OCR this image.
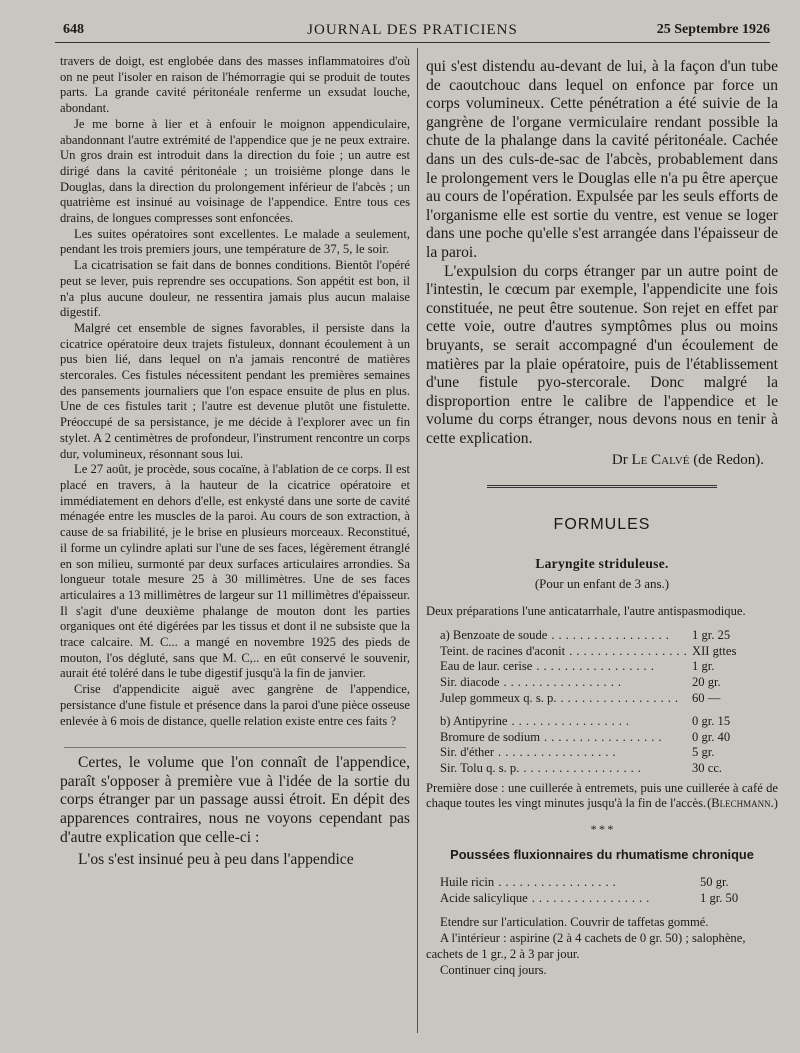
648	JOURNAL DES PRATICIENS	25 Septembre 1926

travers de doigt, est englobée dans des masses inflammatoires d'où on ne peut l'isoler en raison de l'hémorragie qui se produit de toutes parts. La grande cavité péritonéale renferme un exsudat louche, abondant.

Je me borne à lier et à enfouir le moignon appendiculaire, abandonnant l'autre extrémité de l'appendice que je ne peux extraire. Un gros drain est introduit dans la direction du foie ; un autre est dirigé dans la cavité péritonéale ; un troisième plonge dans le Douglas, dans la direction du prolongement inférieur de l'abcès ; un quatrième est insinué au voisinage de l'appendice. Entre tous ces drains, de longues compresses sont enfoncées.

Les suites opératoires sont excellentes. Le malade a seulement, pendant les trois premiers jours, une température de 37, 5, le soir.

La cicatrisation se fait dans de bonnes conditions. Bientôt l'opéré peut se lever, puis reprendre ses occupations. Son appétit est bon, il n'a plus aucune douleur, ne ressentira jamais plus aucun malaise digestif.

Malgré cet ensemble de signes favorables, il persiste dans la cicatrice opératoire deux trajets fistuleux, donnant écoulement à un pus bien lié, dans lequel on n'a jamais rencontré de matières stercorales. Ces fistules nécessitent pendant les premières semaines des pansements journaliers que l'on espace ensuite de plus en plus. Une de ces fistules tarit ; l'autre est devenue plutôt une fistulette. Préoccupé de sa persistance, je me décide à l'explorer avec un fin stylet. A 2 centimètres de profondeur, l'instrument rencontre un corps dur, volumineux, résonnant sous lui.

Le 27 août, je procède, sous cocaïne, à l'ablation de ce corps. Il est placé en travers, à la hauteur de la cicatrice opératoire et immédiatement en dehors d'elle, est enkysté dans une sorte de cavité ménagée entre les muscles de la paroi. Au cours de son extraction, à cause de sa friabilité, je le brise en plusieurs morceaux. Reconstitué, il forme un cylindre aplati sur l'une de ses faces, légèrement étranglé en son milieu, surmonté par deux surfaces articulaires arrondies. Sa longueur totale mesure 25 à 30 millimètres. Une de ses faces articulaires a 13 millimètres de largeur sur 11 millimètres d'épaisseur. Il s'agit d'une deuxième phalange de mouton dont les parties organiques ont été digérées par les tissus et dont il ne subsiste que la trace calcaire. M. C... a mangé en novembre 1925 des pieds de mouton, l'os dégluté, sans que M. C,.. en eût conservé le souvenir, aurait été toléré dans le tube digestif jusqu'à la fin de janvier.

Crise d'appendicite aiguë avec gangrène de l'appendice, persistance d'une fistule et présence dans la paroi d'une pièce osseuse enlevée à 6 mois de distance, quelle relation existe entre ces faits ?

Certes, le volume que l'on connaît de l'appendice, paraît s'opposer à première vue à l'idée de la sortie du corps étranger par un passage aussi étroit. En dépit des apparences contraires, nous ne voyons cependant pas d'autre explication que celle-ci :

L'os s'est insinué peu à peu dans l'appendice

qui s'est distendu au-devant de lui, à la façon d'un tube de caoutchouc dans lequel on enfonce par force un corps volumineux. Cette pénétration a été suivie de la gangrène de l'organe vermiculaire rendant possible la chute de la phalange dans la cavité péritonéale. Cachée dans un des culs-de-sac de l'abcès, probablement dans le prolongement vers le Douglas elle n'a pu être aperçue au cours de l'opération. Expulsée par les seuls efforts de l'organisme elle est sortie du ventre, est venue se loger dans une poche qu'elle s'est arrangée dans l'épaisseur de la paroi.

L'expulsion du corps étranger par un autre point de l'intestin, le cœcum par exemple, l'appendicite une fois constituée, ne peut être soutenue. Son rejet en effet par cette voie, outre d'autres symptômes plus ou moins bruyants, se serait accompagné d'un écoulement de matières par la plaie opératoire, puis de l'établissement d'une fistule pyo-stercorale. Donc malgré la disproportion entre le calibre de l'appendice et le volume du corps étranger, nous devons nous en tenir à cette explication.

Dr Le Calvé (de Redon).
FORMULES
Laryngite striduleuse.
(Pour un enfant de 3 ans.)
Deux préparations l'une anticatarrhale, l'autre antispasmodique.
a) Benzoate de soude .................	1 gr. 25
Teint. de racines d'aconit ................. XII gttes
Eau de laur. cerise .................	1 gr.
Sir. diacode .................	20 gr.
Julep gommeux q. s. p. ................. 60 —
b) Antipyrine .................	0 gr. 15
Bromure de sodium .................	0 gr. 40
Sir. d'éther .................	5 gr.
Sir. Tolu q. s. p. .................	30 cc.
Première dose : une cuillerée à entremets, puis une cuillerée à café de chaque toutes les vingt minutes jusqu'à la fin de l'accès. (Blechmann.)
* * *
Poussées fluxionnaires du rhumatisme chronique
Huile ricin .................	50 gr.
Acide salicylique .................	1 gr. 50

Etendre sur l'articulation. Couvrir de taffetas gommé.

A l'intérieur : aspirine (2 à 4 cachets de 0 gr. 50) ; salophène, cachets de 1 gr., 2 à 3 par jour.

Continuer cinq jours.
